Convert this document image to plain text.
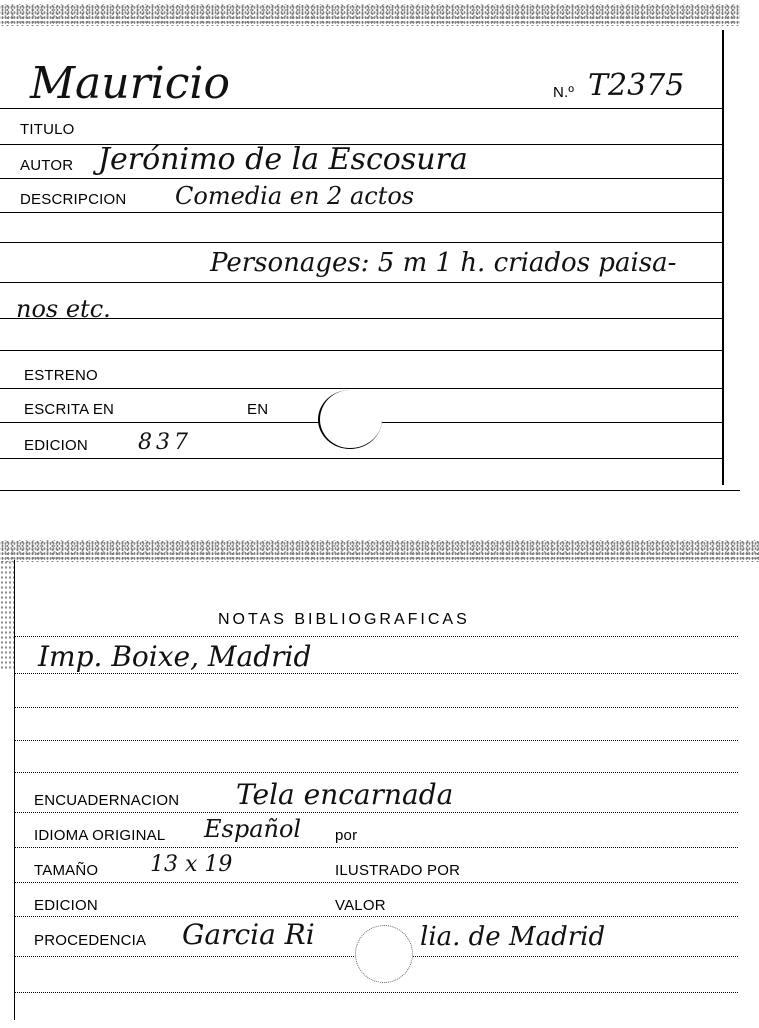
Mauricio	N.º T2375
TITULO
AUTOR Jerónimo de la Escosura
DESCRIPCION Comedia en 2 actos
Personages: 5 m 1 h. criados paisa-
nos etc.
ESTRENO
ESCRITA EN	EN
EDICION 837
NOTAS BIBLIOGRAFICAS
Imp. Boixe, Madrid
ENCUADERNACION Tela encarnada
IDIOMA ORIGINAL Español por
TAMAÑO 13 x 19	ILUSTRADO POR
EDICION	VALOR
PROCEDENCIA Garcia Ri	lia. de Madrid
